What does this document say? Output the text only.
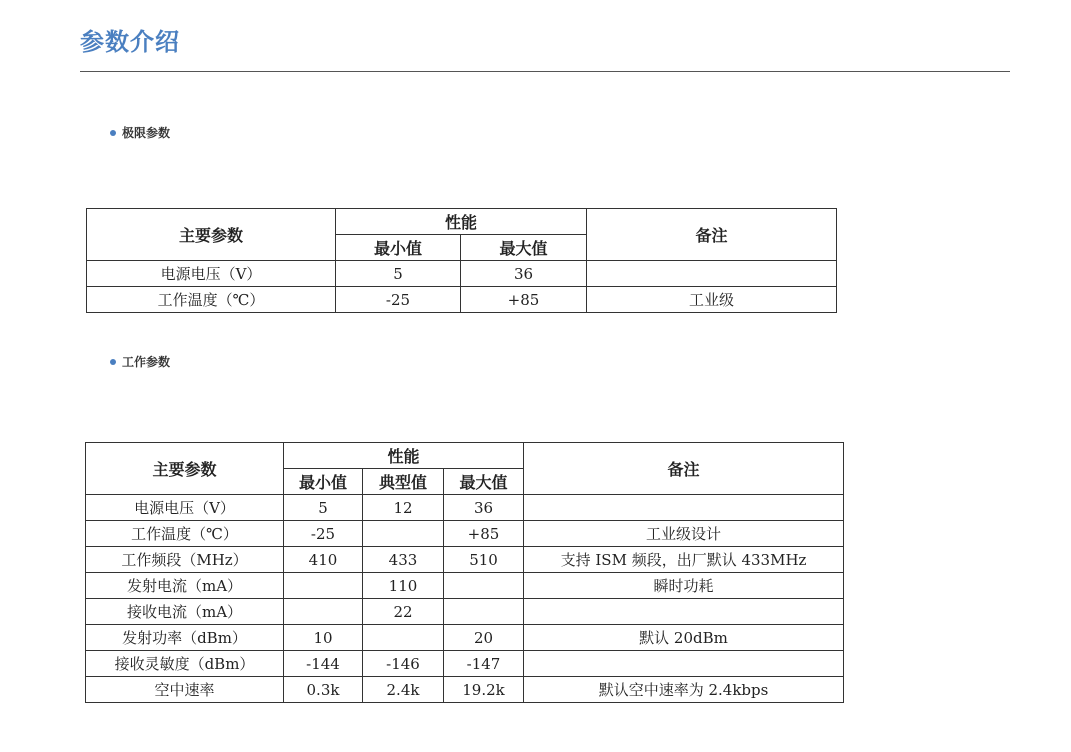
参数介绍
极限参数
主要参数	性能		备注
	最小值	最大值	
电源电压（V）	5	36	
工作温度（℃）	-25	+85	工业级
工作参数
主要参数	性能			备注
	最小值	典型值	最大值	
电源电压（V）	5	12	36	
工作温度（℃）	-25		+85	工业级设计
工作频段（MHz）	410	433	510	支持 ISM 频段，出厂默认 433MHz
发射电流（mA）		110		瞬时功耗
接收电流（mA）		22		
发射功率（dBm）	10		20	默认 20dBm
接收灵敏度（dBm）	-144	-146	-147	
空中速率	0.3k	2.4k	19.2k	默认空中速率为 2.4kbps
